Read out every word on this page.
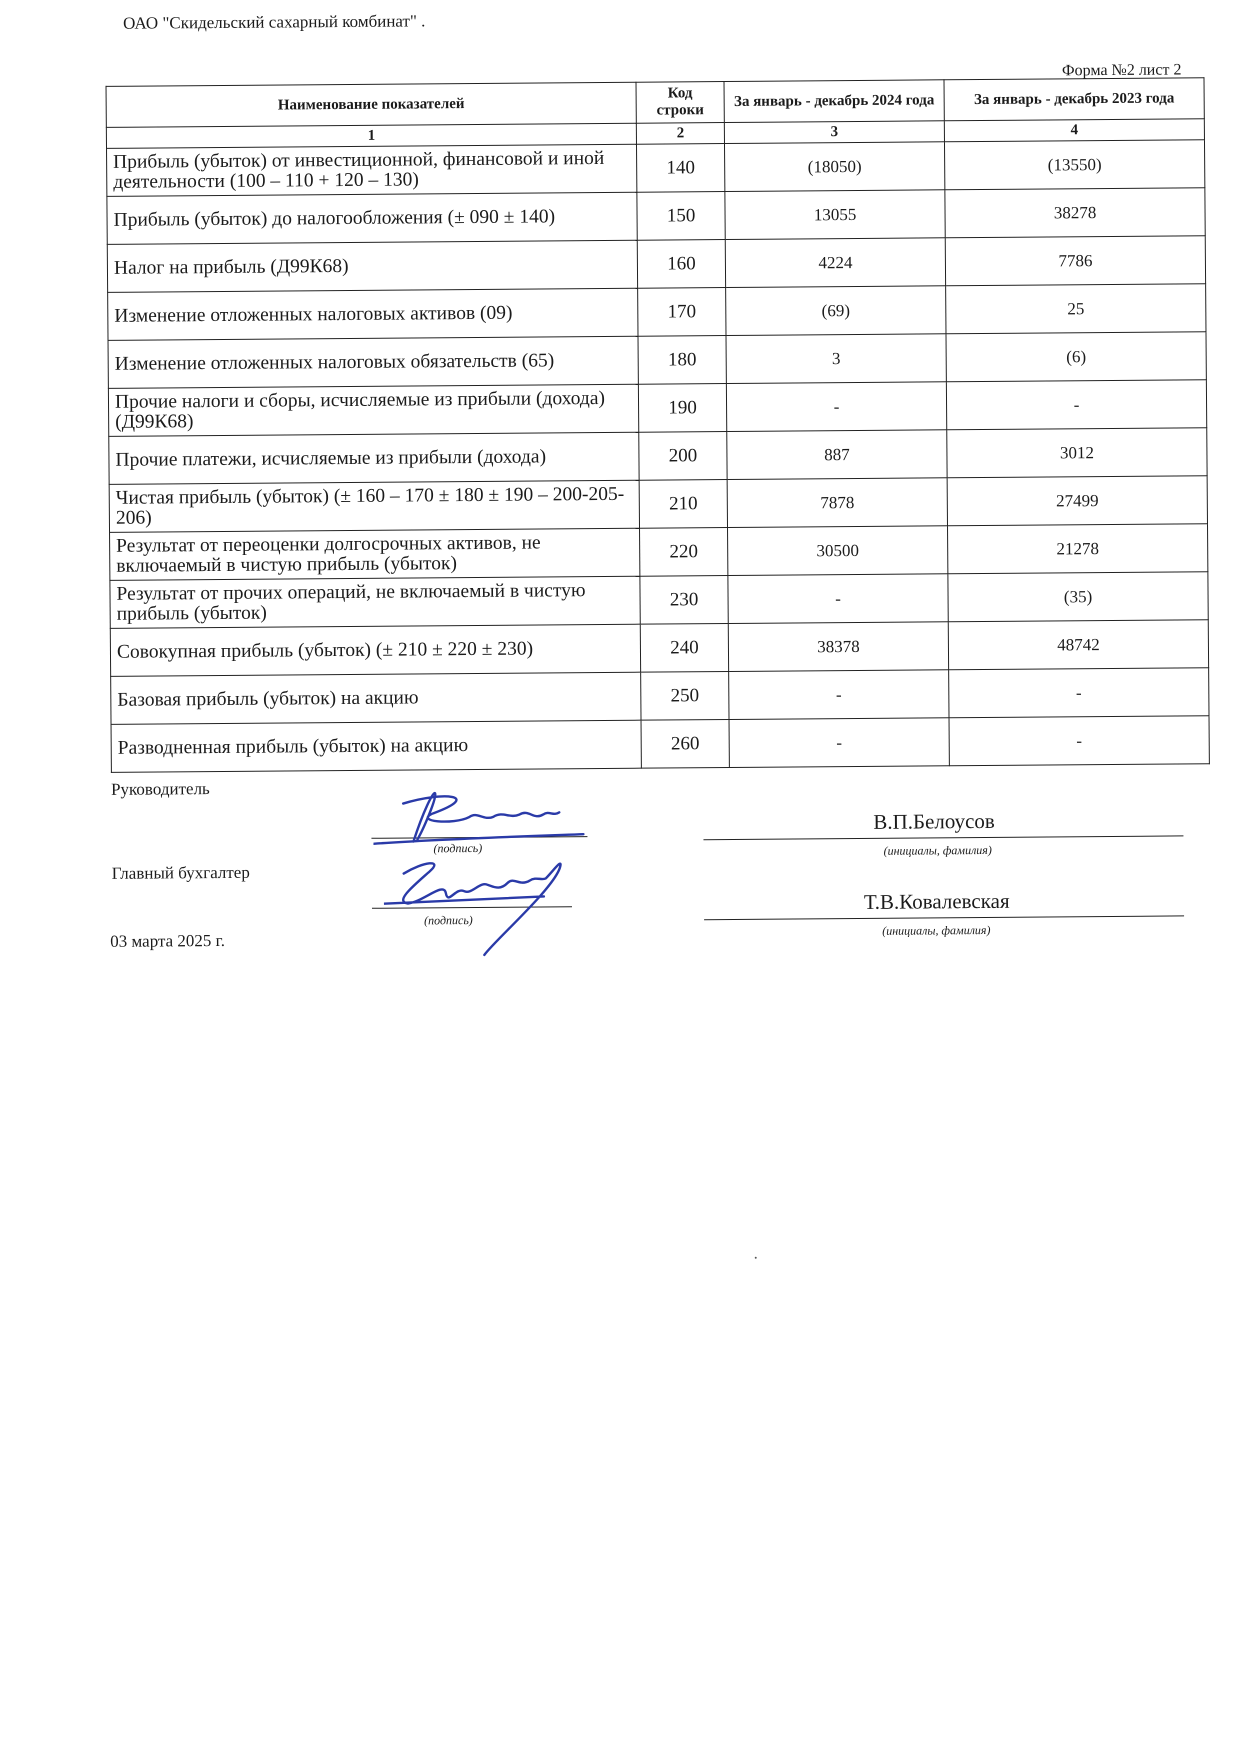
ОАО "Скидельский сахарный комбинат" .
Форма №2 лист 2
Наименование показателей	Код строки	За январь - декабрь 2024 года	За январь - декабрь 2023 года
1	2	3	4
Прибыль (убыток) от инвестиционной, финансовой и иной деятельности (100 – 110 + 120 – 130)	140	(18050)	(13550)
Прибыль (убыток) до налогообложения (± 090 ± 140)	150	13055	38278
Налог на прибыль (Д99К68)	160	4224	7786
Изменение отложенных налоговых активов (09)	170	(69)	25
Изменение отложенных налоговых обязательств (65)	180	3	(6)
Прочие налоги и сборы, исчисляемые из прибыли (дохода) (Д99К68)	190	-	-
Прочие платежи, исчисляемые из прибыли (дохода)	200	887	3012
Чистая прибыль (убыток) (± 160 – 170 ± 180 ± 190 – 200-205-206)	210	7878	27499
Результат от переоценки долгосрочных активов, не включаемый в чистую прибыль (убыток)	220	30500	21278
Результат от прочих операций, не включаемый в чистую прибыль (убыток)	230	-	(35)
Совокупная прибыль (убыток) (± 210 ± 220 ± 230)	240	38378	48742
Базовая прибыль (убыток) на акцию	250	-	-
Разводненная прибыль (убыток) на акцию	260	-	-
Руководитель
(подпись)
В.П.Белоусов
(инициалы, фамилия)
Главный бухгалтер
(подпись)
Т.В.Ковалевская
(инициалы, фамилия)
03 марта 2025 г.
